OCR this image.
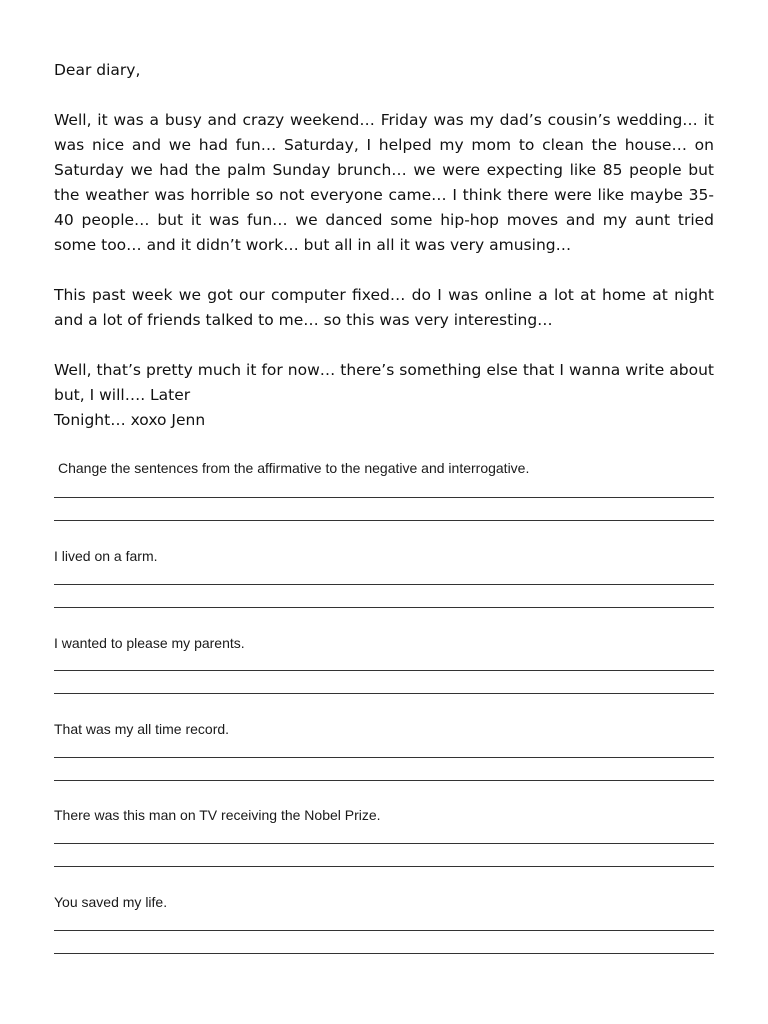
Dear diary,

Well, it was a busy and crazy weekend… Friday was my dad’s cousin’s wedding… it was nice and we had fun… Saturday, I helped my mom to clean the house… on Saturday we had the palm Sunday brunch… we were expecting like 85 people but the weather was horrible so not everyone came… I think there were like maybe 35-40 people… but it was fun… we danced some hip-hop moves and my aunt tried some too… and it didn’t work… but all in all it was very amusing…

This past week we got our computer fixed… do I was online a lot at home at night and a lot of friends talked to me… so this was very interesting…

Well, that’s pretty much it for now… there’s something else that I wanna write about but, I will…. Later

Tonight… xoxo Jenn

Change the sentences from the affirmative to the negative and interrogative.
I lived on a farm.
I wanted to please my parents.
That was my all time record.
There was this man on TV receiving the Nobel Prize.
You saved my life.
